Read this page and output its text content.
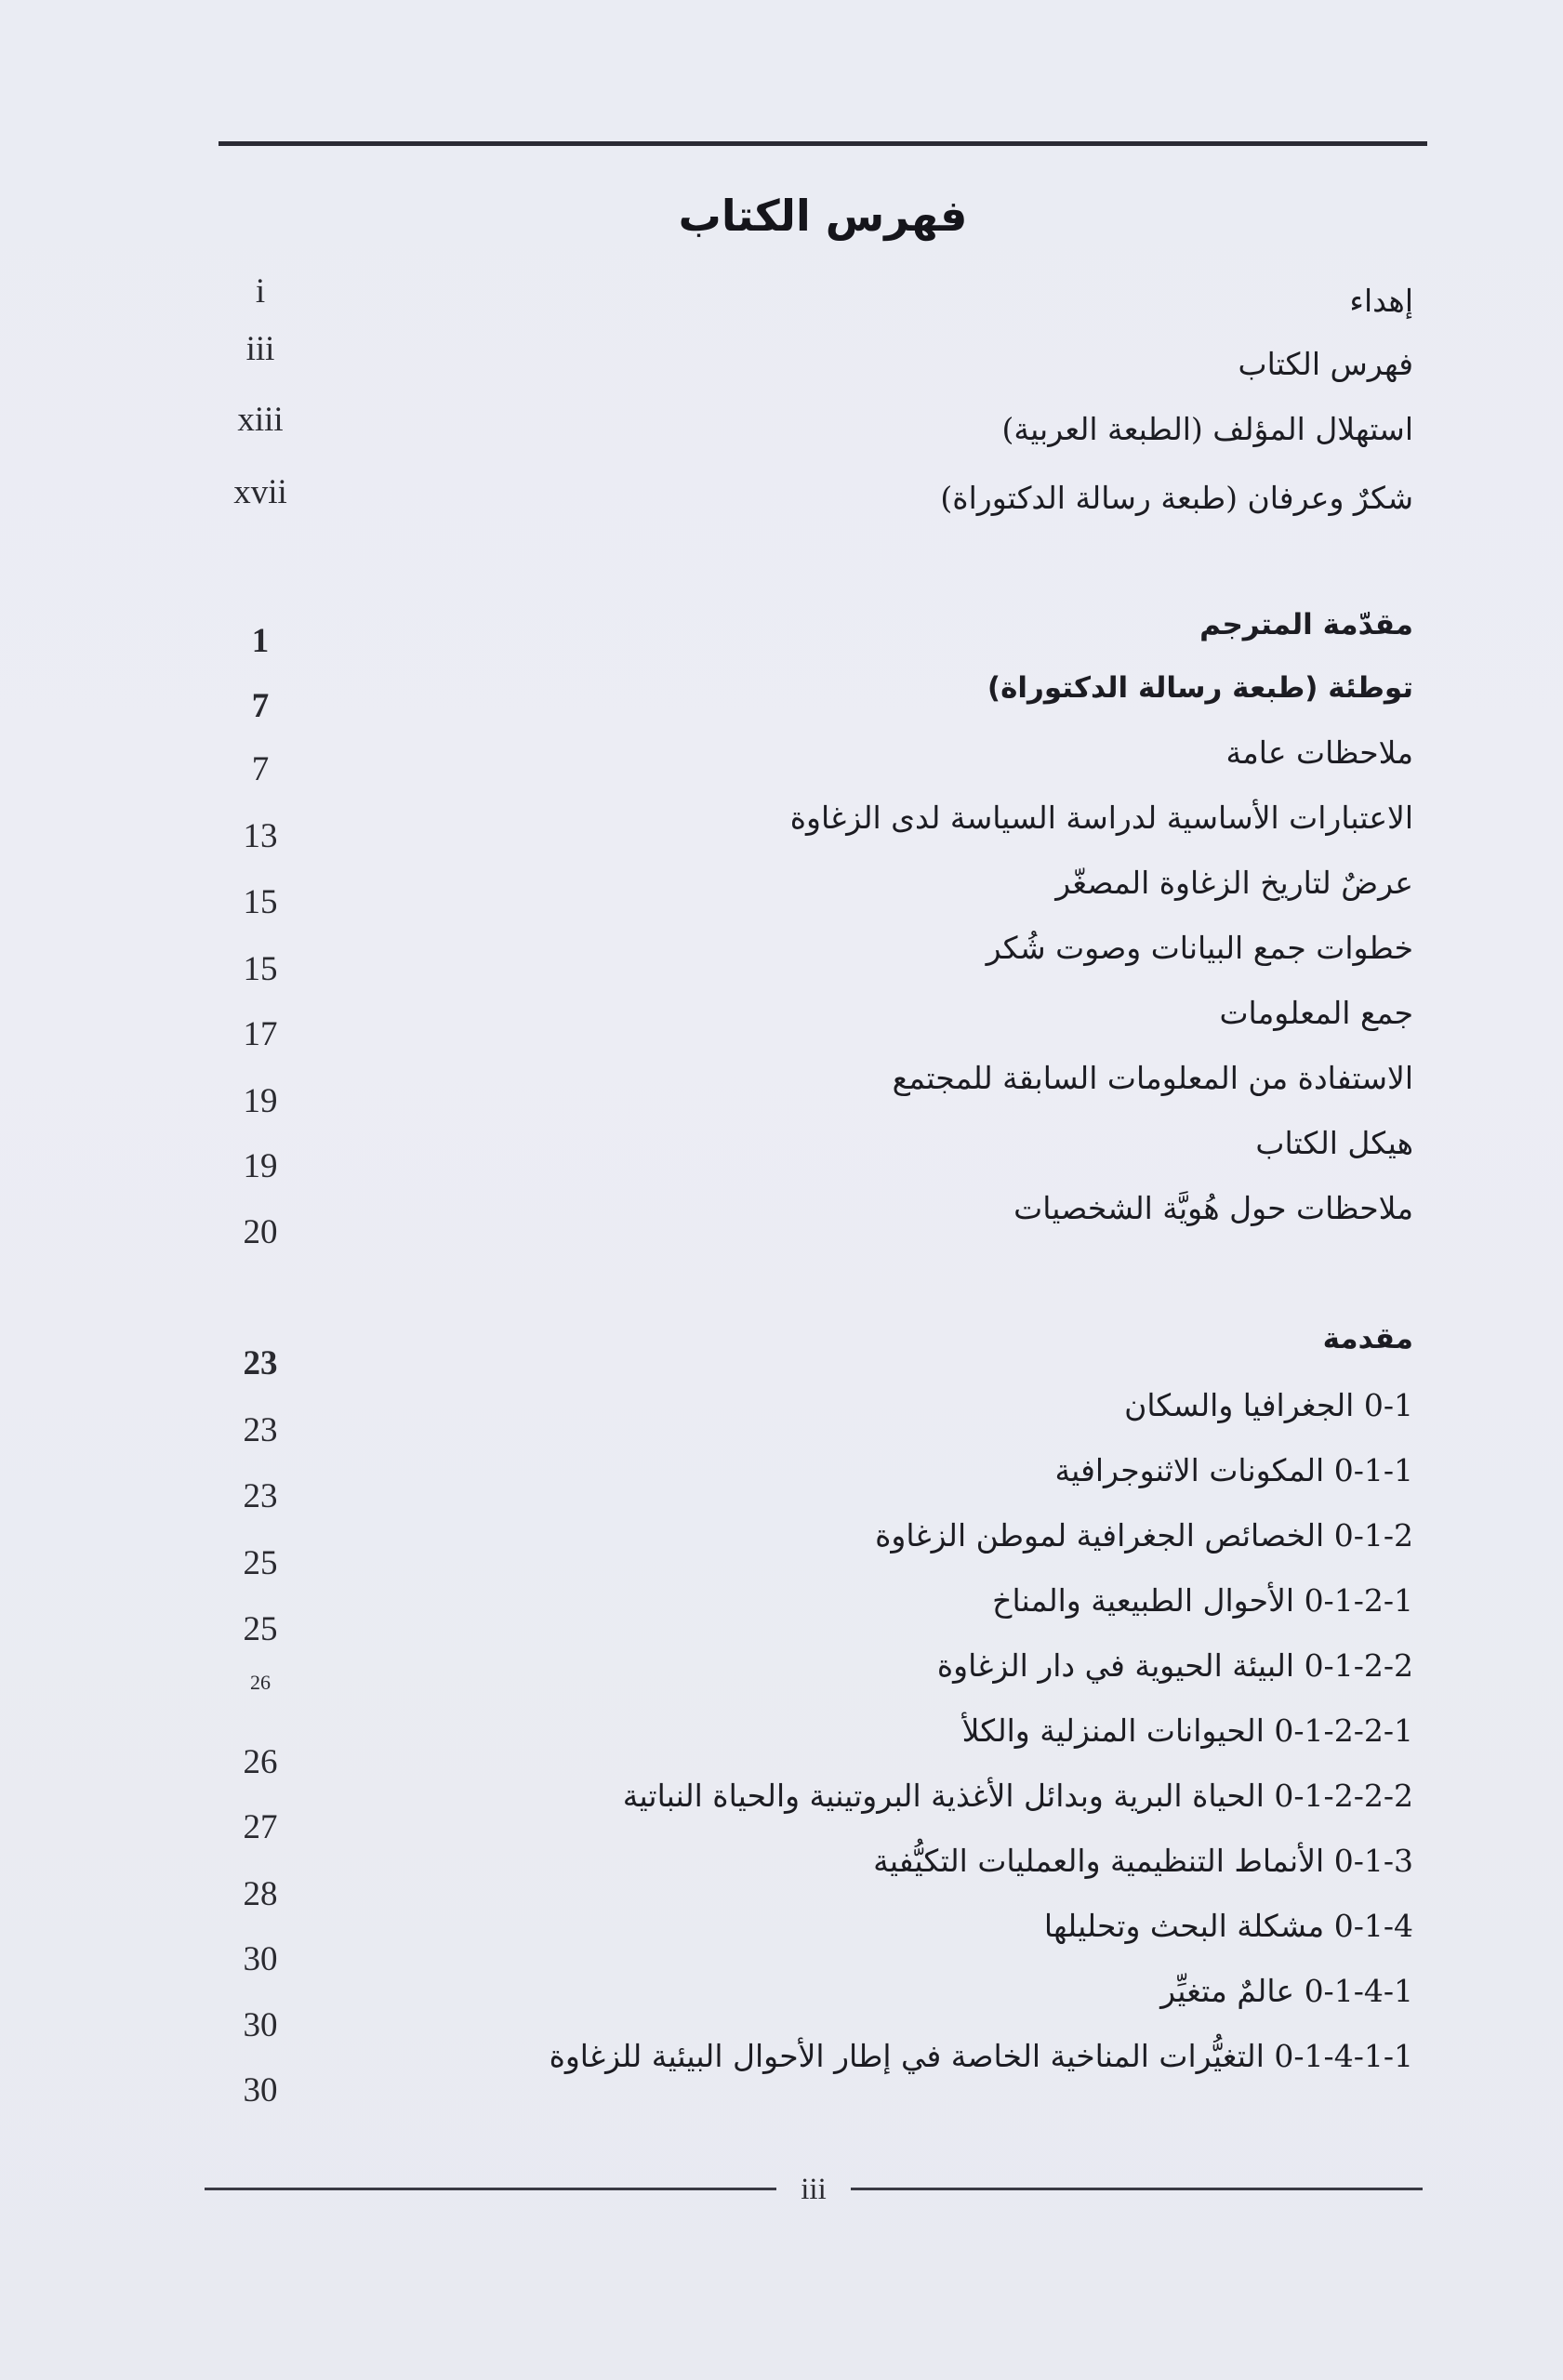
فهرس الكتاب
إهداء
i
فهرس الكتاب
iii
استهلال المؤلف (الطبعة العربية)
xiii
شكرٌ وعرفان (طبعة رسالة الدكتوراة)
xvii
مقدّمة المترجم
1
توطئة (طبعة رسالة الدكتوراة)
7
ملاحظات عامة
7
الاعتبارات الأساسية لدراسة السياسة لدى الزغاوة
13
عرضٌ لتاريخ الزغاوة المصغّر
15
خطوات جمع البيانات وصوت شُكر
15
جمع المعلومات
17
الاستفادة من المعلومات السابقة للمجتمع
19
هيكل الكتاب
19
ملاحظات حول هُويَّة الشخصيات
20
مقدمة
23
0-1 الجغرافيا والسكان
23
0-1-1 المكونات الاثنوجرافية
23
0-1-2 الخصائص الجغرافية لموطن الزغاوة
25
0-1-2-1 الأحوال الطبيعية والمناخ
25
0-1-2-2 البيئة الحيوية في دار الزغاوة
26
0-1-2-2-1 الحيوانات المنزلية والكلأ
26
0-1-2-2-2 الحياة البرية وبدائل الأغذية البروتينية والحياة النباتية
27
0-1-3 الأنماط التنظيمية والعمليات التكيُّفية
28
0-1-4 مشكلة البحث وتحليلها
30
0-1-4-1 عالمٌ متغيِّر
30
0-1-4-1-1 التغيُّرات المناخية الخاصة في إطار الأحوال البيئية للزغاوة
30
iii
